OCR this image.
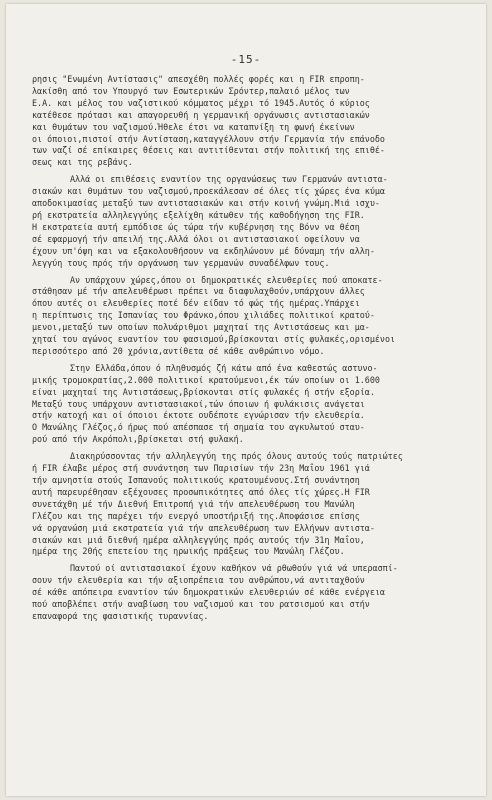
-15-
ρησις "Ενωμένη Αντίστασις" απεσχέθη πολλές φορές και η FIR επροπη-
λακίσθη από τον Υπουργό των Εσωτερικών Σρόντερ,παλαιό μέλος των
Ε.Α. και μέλος του ναζιστικού κόμματος μέχρι τό 1945.Αυτός ό κύριος
κατέθεσε πρότασι και απαγορευθή η γερμανική οργάνωσις αντιστασιακών
και θυμάτων του ναζισμού.Ήθελε έτσι να καταπνίξη τη φωνή έκείνων
οι όποιοι,πιστοί στήν Αντίσταση,καταγγέλλουν στήν Γερμανία τήν επάνοδο
των ναζί σέ επίκαιρες θέσεις και αντιτίθενται στήν πολιτική της επιθέ-
σεως και της ρεβάνς.
Αλλά οι επιθέσεις εναντίον της οργανώσεως των Γερμανών αντιστα-
σιακών και θυμάτων του ναζισμού,προεκάλεσαν σέ όλες τίς χώρες ένα κύμα
αποδοκιμασίας μεταξύ των αντιστασιακών και στήν κοινή γνώμη.Μιά ισχυ-
ρή εκστρατεία αλληλεγγύης εξελίχθη κάτωθεν τής καθοδήγηση της FIR.
Η εκστρατεία αυτή εμπόδισε ώς τώρα τήν κυβέρνηση της Βόνν να θέση
σέ εφαρμογή τήν απειλή της.Αλλά όλοι οι αντιστασιακοί οφείλουν να
έχουν υπ'όψη και να εξακολουθήσουν να εκδηλώνουν μέ δύναμη τήν αλλη-
λεγγύη τους πρός τήν οργάνωση των γερμανών συναδέλφων τους.
Αν υπάρχουν χώρες,όπου οι δημοκρατικές ελευθερίες πού αποκατε-
στάθησαν μέ τήν απελευθέρωσι πρέπει να διαφυλαχθούν,υπάρχουν άλλες
όπου αυτές οι ελευθερίες ποτέ δέν είδαν τό φώς τής ημέρας.Υπάρχει
η περίπτωσις της Ισπανίας του Φράνκο,όπου χιλιάδες πολιτικοί κρατού-
μενοι,μεταξύ των οποίων πολυάριθμοι μαχηταί της Αντιστάσεως και μα-
χηταί του αγώνος εναντίον του φασισμού,βρίσκονται στίς φυλακές,ορισμένοι
περισσότερο από 20 χρόνια,αντίθετα σέ κάθε ανθρώπινο νόμο.
Στην Ελλάδα,όπου ό πληθυσμός ζή κάτω από ένα καθεστώς αστυνο-
μικής τρομοκρατίας,2.000 πολιτικοί κρατούμενοι,έκ τών οποίων οι 1.600
είναι μαχηταί της Αντιστάσεως,βρίσκονται στίς φυλακές ή στήν εξορία.
Μεταξύ τους υπάρχουν αντιστασιακοί,τών όποιων ή φυλάκισις ανάγεται
στήν κατοχή και οί όποιοι έκτοτε ουδέποτε εγνώρισαν τήν ελευθερία.
Ο Μανώλης Γλέζος,ό ήρως πού απέσπασε τή σημαία του αγκυλωτού σταυ-
ρού από τήν Ακρόπολι,βρίσκεται στή φυλακή.
Διακηρύσσοντας τήν αλληλεγγύη της πρός όλους αυτούς τούς πατριώτες
ή FIR έλαβε μέρος στή συνάντηση των Παρισίων τήν 23η Μαΐου 1961 γιά
τήν αμνηστία στούς Ισπανούς πολιτικούς κρατουμένους.Στή συνάντηση
αυτή παρευρέθησαν εξέχουσες προσωπικότητες από όλες τίς χώρες.Η FIR
συνετάχθη μέ τήν Διεθνή Επιτροπή γιά τήν απελευθέρωση του Μανώλη
Γλέζου και της παρέχει τήν ενεργό υποστήριξή της.Αποφάσισε επίσης
νά οργανώση μιά εκστρατεία γιά τήν απελευθέρωση των Ελλήνων αντιστα-
σιακών και μιά διεθνή ημέρα αλληλεγγύης πρός αυτούς τήν 31η Μαΐου,
ημέρα της 20ής επετείου της ηρωικής πράξεως του Μανώλη Γλέζου.
Παντού οί αντιστασιακοί έχουν καθήκον νά ρθωθούν γιά νά υπερασπί-
σουν τήν ελευθερία και τήν αξιοπρέπεια του ανθρώπου,νά αντιταχθούν
σέ κάθε απόπειρα εναντίον τών δημοκρατικών ελευθεριών σέ κάθε ενέργεια
πού αποβλέπει στήν αναβίωση του ναζισμού και του ρατσισμού και στήν
επαναφορά της φασιστικής τυραννίας.
